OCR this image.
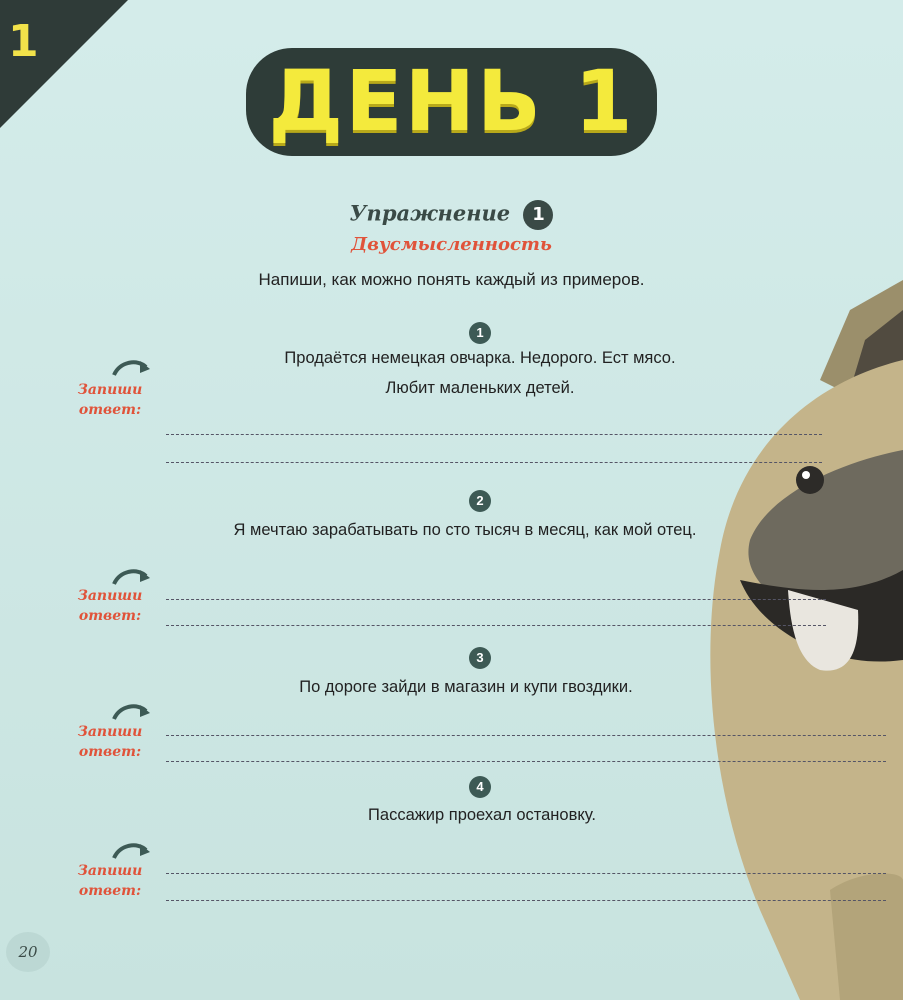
1
ДЕНЬ 1
Упражнение 1
Двусмысленность
Напиши, как можно понять каждый из примеров.
1
Продаётся немецкая овчарка. Недорого. Ест мясо.
Любит маленьких детей.
Запиши
ответ:
2
Я мечтаю зарабатывать по сто тысяч в месяц, как мой отец.
Запиши
ответ:
3
По дороге зайди в магазин и купи гвоздики.
Запиши
ответ:
4
Пассажир проехал остановку.
Запиши
ответ:
20
